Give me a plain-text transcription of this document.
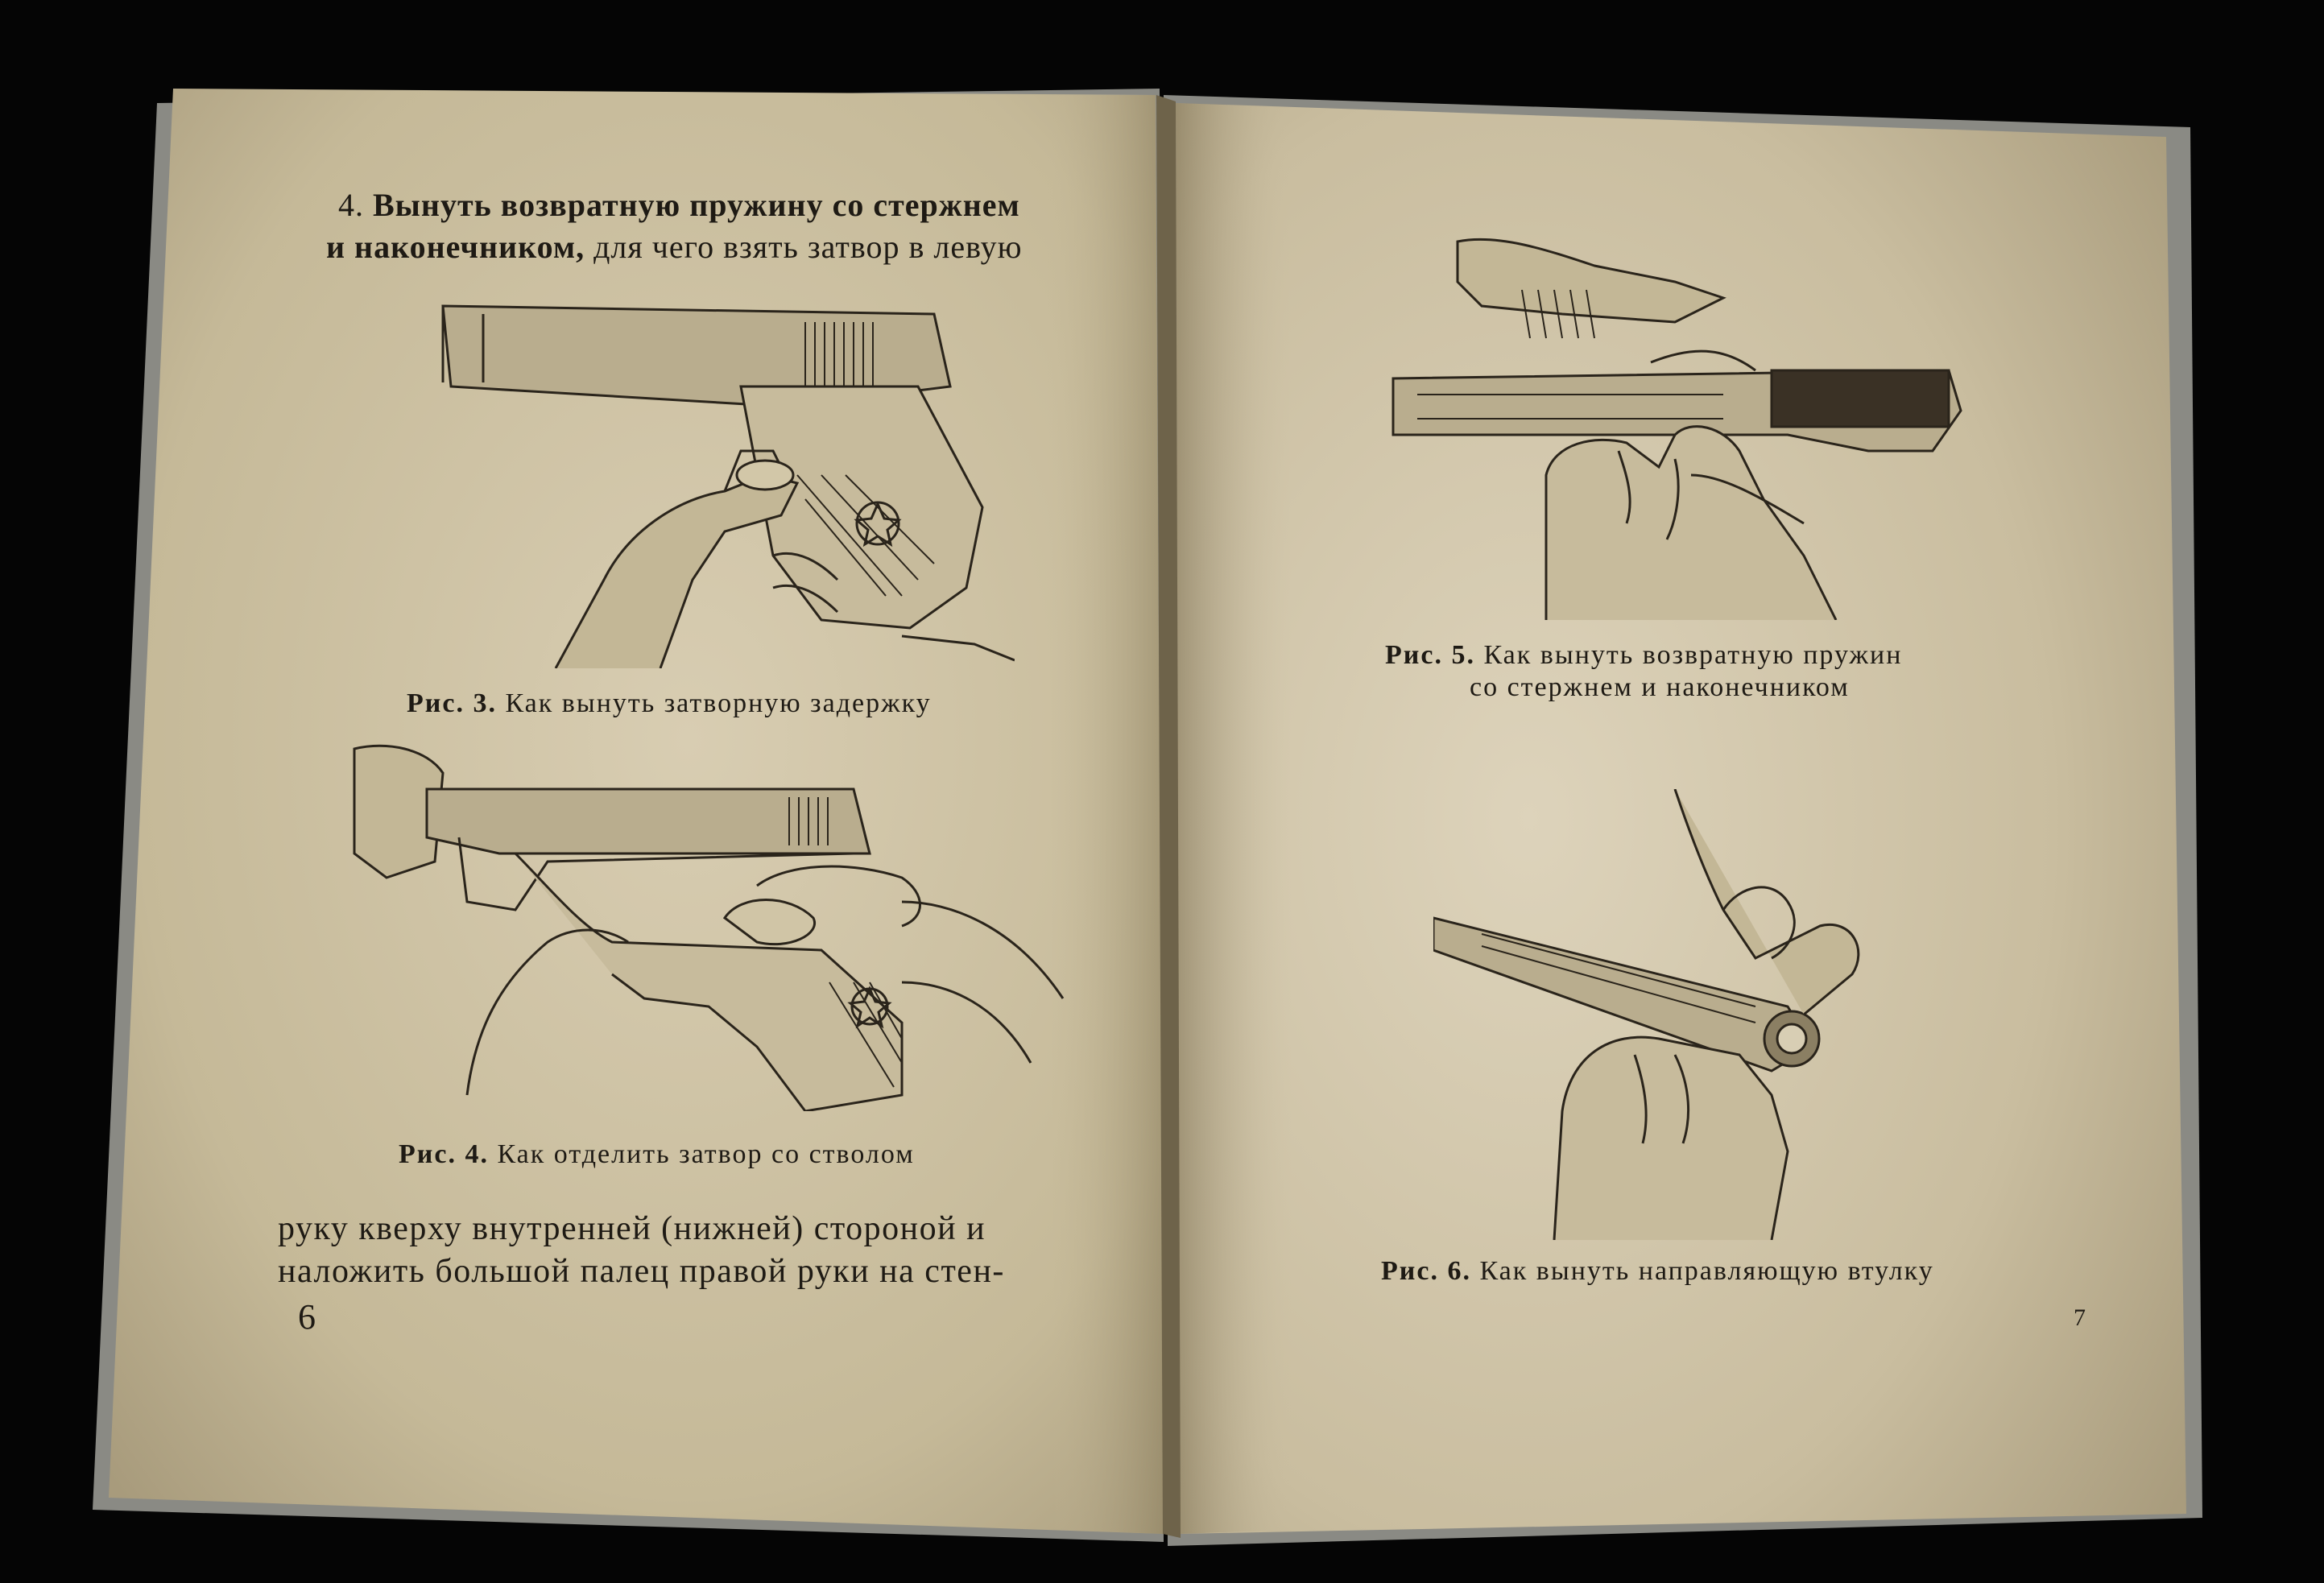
4. Вынуть возвратную пружину со стержнем
и наконечником, для чего взять затвор в левую
Рис. 3. Как вынуть затворную задержку
Рис. 4. Как отделить затвор со стволом
руку кверху внутренней (нижней) стороной и
наложить большой палец правой руки на стен-
6
Рис. 5. Как вынуть возвратную пружин
со стержнем и наконечником
Рис. 6. Как вынуть направляющую втулку
7
